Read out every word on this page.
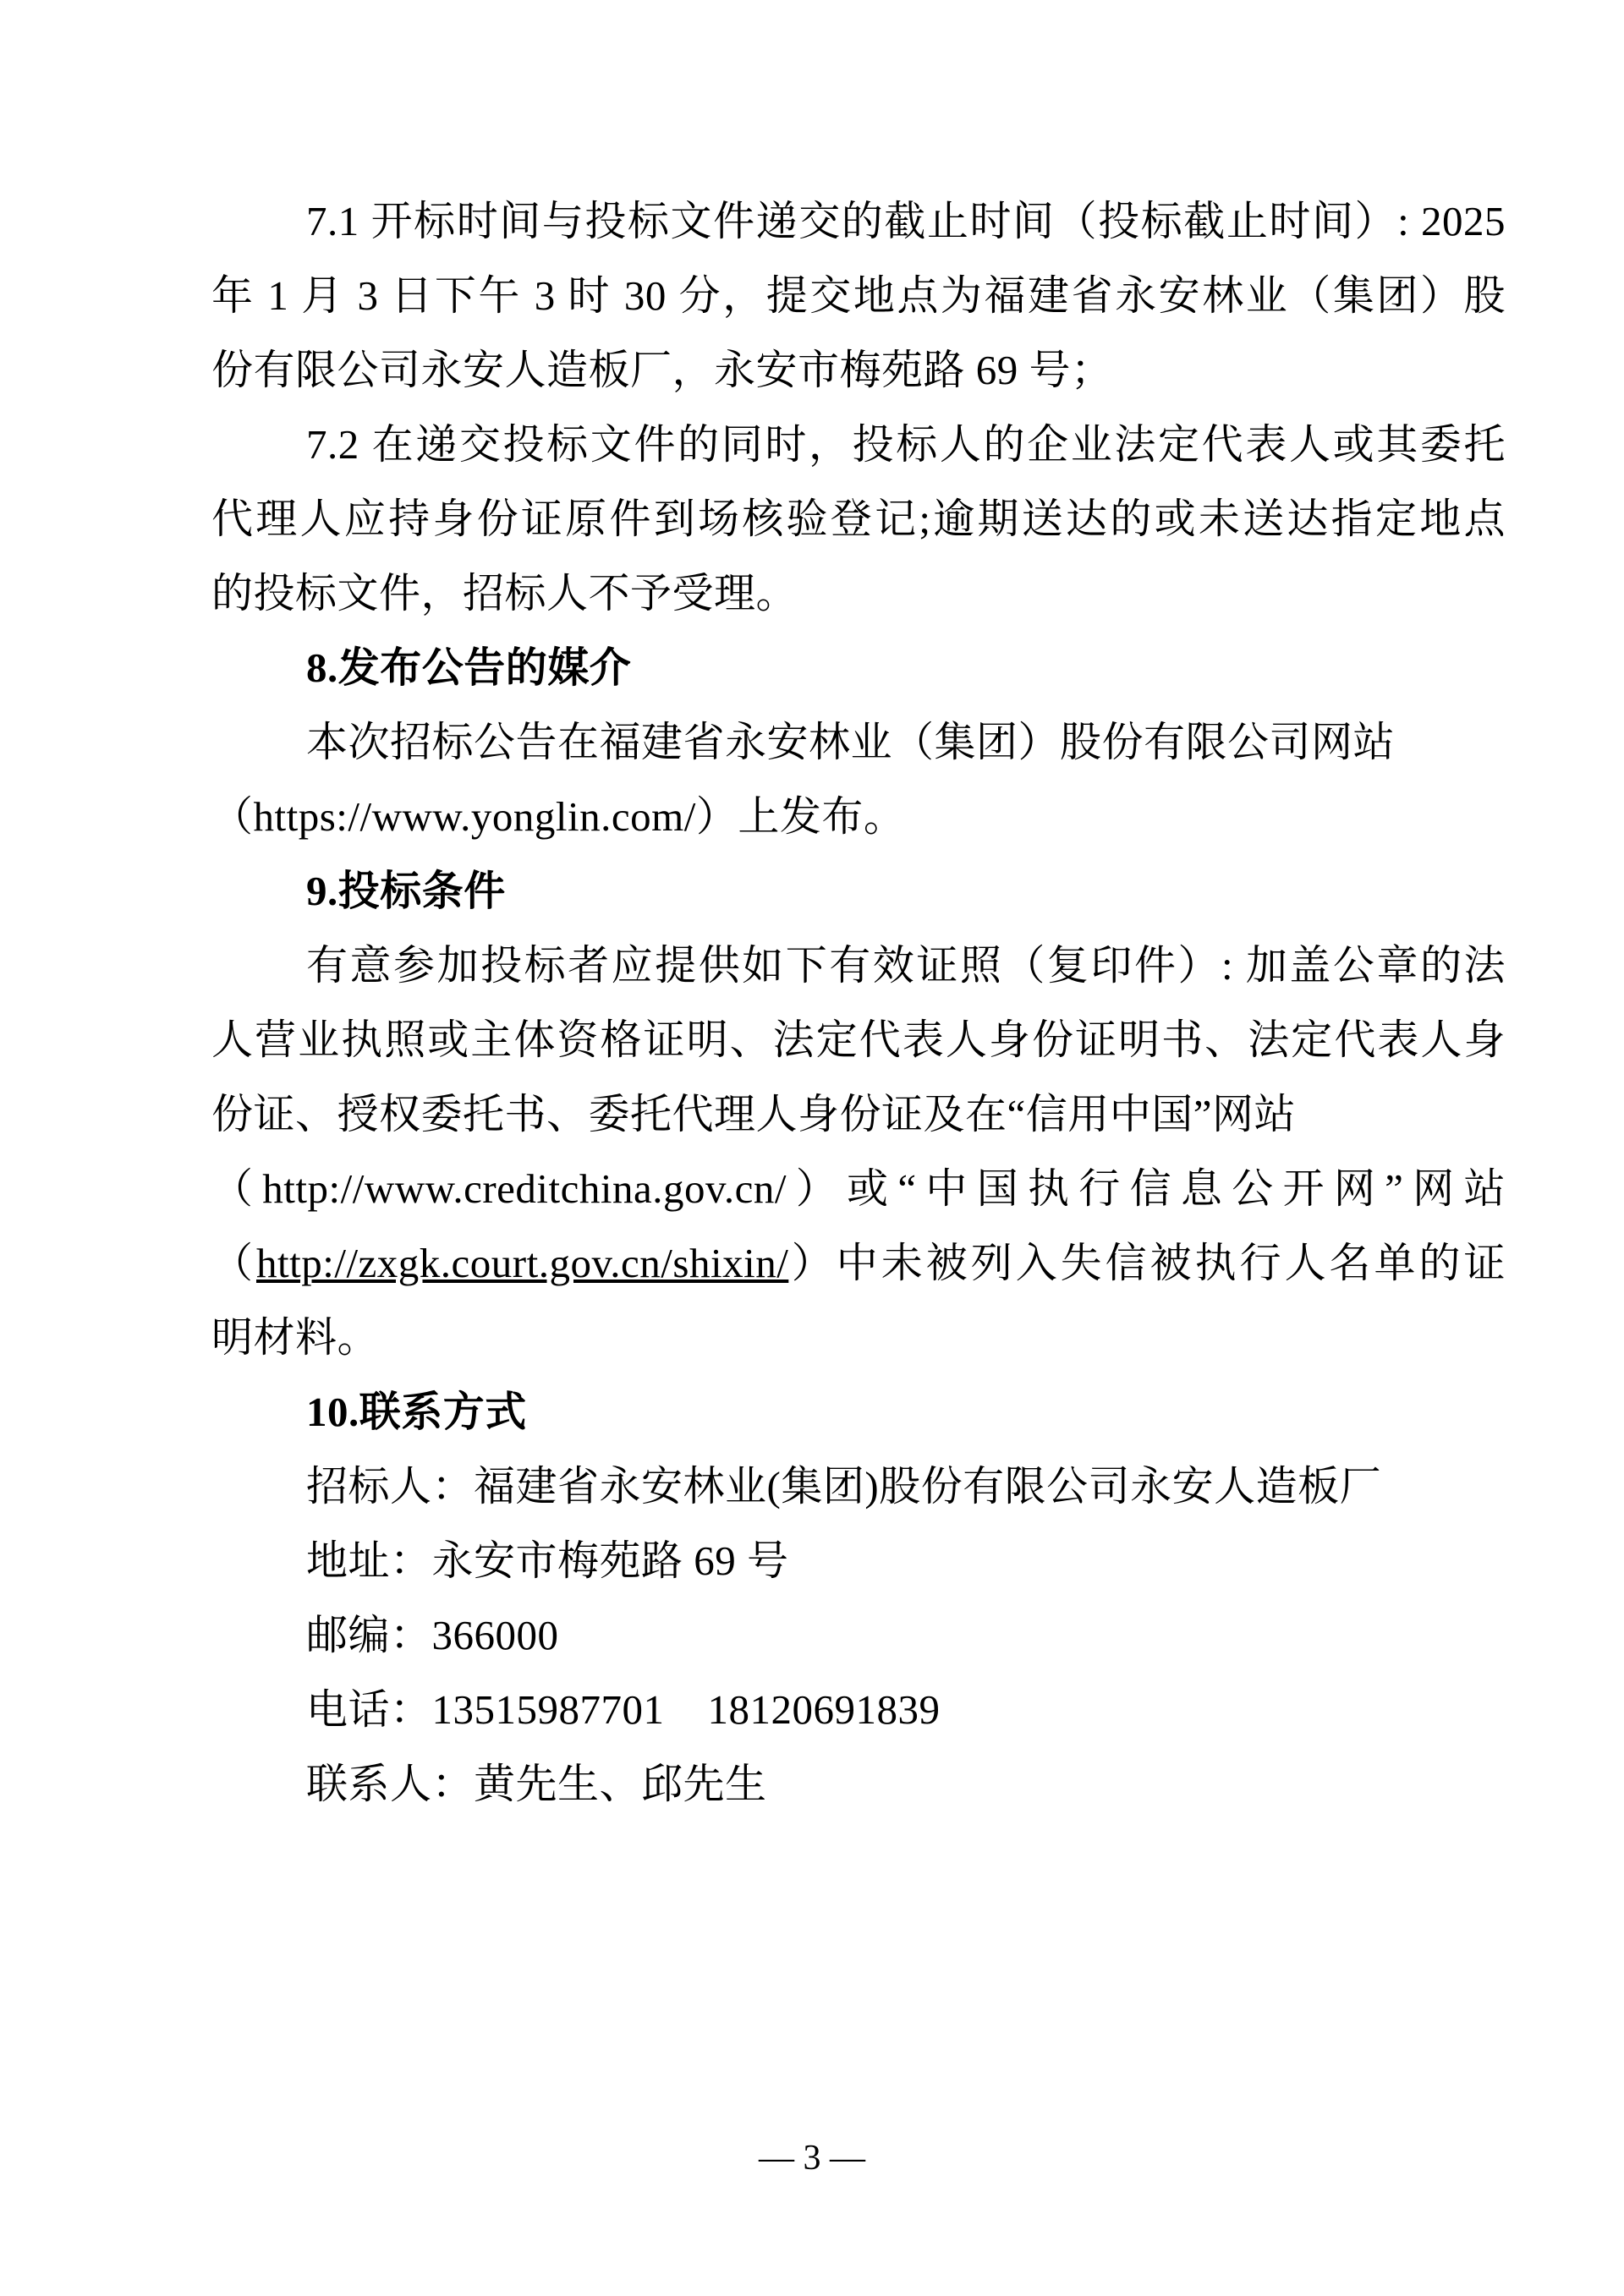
7.1 开标时间与投标文件递交的截止时间（投标截止时间）: 2025
年 1 月 3 日下午 3 时 30 分，提交地点为福建省永安林业（集团）股
份有限公司永安人造板厂，永安市梅苑路 69 号；
7.2 在递交投标文件的同时，投标人的企业法定代表人或其委托
代理人应持身份证原件到场核验登记;逾期送达的或未送达指定地点
的投标文件，招标人不予受理。
8.发布公告的媒介
本次招标公告在福建省永安林业（集团）股份有限公司网站
（https://www.yonglin.com/）上发布。
9.投标条件
有意参加投标者应提供如下有效证照（复印件）: 加盖公章的法
人营业执照或主体资格证明、法定代表人身份证明书、法定代表人身
份证、授权委托书、委托代理人身份证及在“信用中国”网站
（http://www.creditchina.gov.cn/）或“中国执行信息公开网”网站
（http://zxgk.court.gov.cn/shixin/）中未被列入失信被执行人名单的证
明材料。
10.联系方式
招标人：福建省永安林业(集团)股份有限公司永安人造板厂
地址：永安市梅苑路 69 号
邮编：366000
电话：13515987701    18120691839
联系人：黄先生、邱先生
— 3 —
